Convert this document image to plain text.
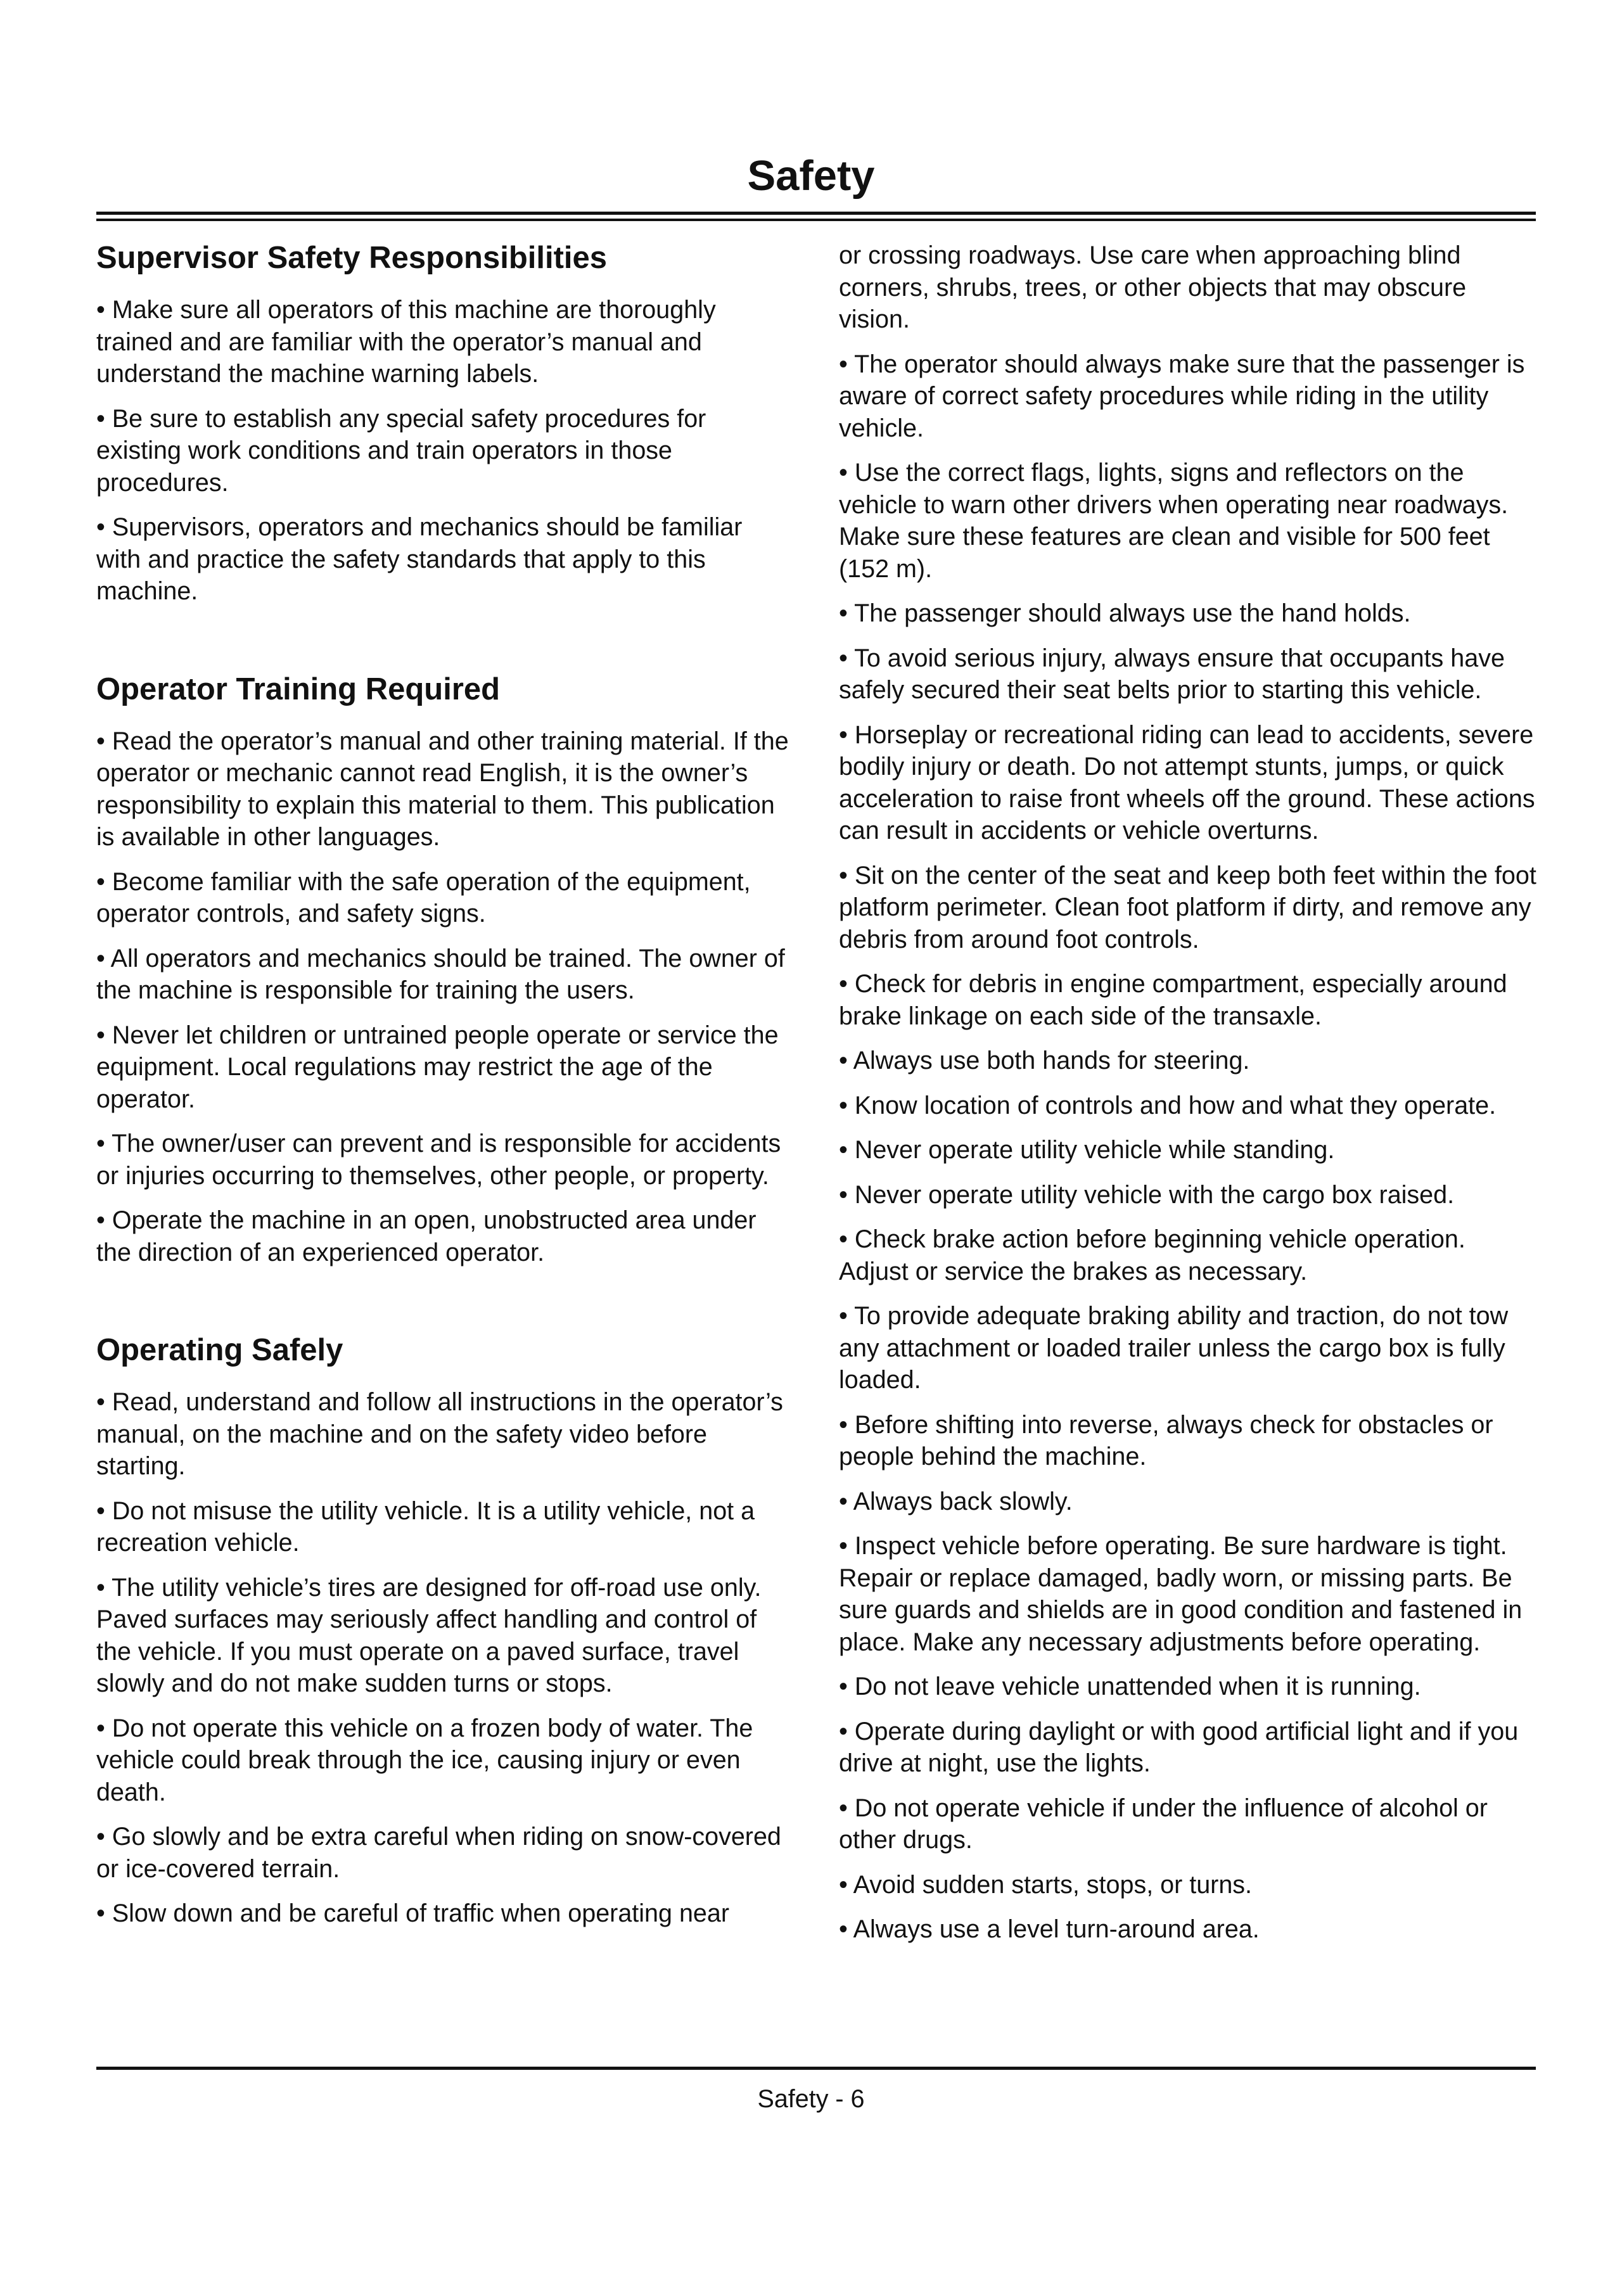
Safety
Supervisor Safety Responsibilities

• Make sure all operators of this machine are thoroughly trained and are familiar with the operator’s manual and understand the machine warning labels.

• Be sure to establish any special safety procedures for existing work conditions and train operators in those procedures.

• Supervisors, operators and mechanics should be familiar with and practice the safety standards that apply to this machine.

Operator Training Required

• Read the operator’s manual and other training material. If the operator or mechanic cannot read English, it is the owner’s responsibility to explain this material to them. This publication is available in other languages.

• Become familiar with the safe operation of the equipment, operator controls, and safety signs.

• All operators and mechanics should be trained. The owner of the machine is responsible for training the users.

• Never let children or untrained people operate or service the equipment. Local regulations may restrict the age of the operator.

• The owner/user can prevent and is responsible for accidents or injuries occurring to themselves, other people, or property.

• Operate the machine in an open, unobstructed area under the direction of an experienced operator.

Operating Safely

• Read, understand and follow all instructions in the operator’s manual, on the machine and on the safety video before starting.

• Do not misuse the utility vehicle. It is a utility vehicle, not a recreation vehicle.

• The utility vehicle’s tires are designed for off-road use only. Paved surfaces may seriously affect handling and control of the vehicle. If you must operate on a paved surface, travel slowly and do not make sudden turns or stops.

• Do not operate this vehicle on a frozen body of water. The vehicle could break through the ice, causing injury or even death.

• Go slowly and be extra careful when riding on snow-covered or ice-covered terrain.

• Slow down and be careful of traffic when operating near

or crossing roadways. Use care when approaching blind corners, shrubs, trees, or other objects that may obscure vision.

• The operator should always make sure that the passenger is aware of correct safety procedures while riding in the utility vehicle.

• Use the correct flags, lights, signs and reflectors on the vehicle to warn other drivers when operating near roadways. Make sure these features are clean and visible for 500 feet (152 m).

• The passenger should always use the hand holds.

• To avoid serious injury, always ensure that occupants have safely secured their seat belts prior to starting this vehicle.

• Horseplay or recreational riding can lead to accidents, severe bodily injury or death. Do not attempt stunts, jumps, or quick acceleration to raise front wheels off the ground. These actions can result in accidents or vehicle overturns.

• Sit on the center of the seat and keep both feet within the foot platform perimeter. Clean foot platform if dirty, and remove any debris from around foot controls.

• Check for debris in engine compartment, especially around brake linkage on each side of the transaxle.

• Always use both hands for steering.

• Know location of controls and how and what they operate.

• Never operate utility vehicle while standing.

• Never operate utility vehicle with the cargo box raised.

• Check brake action before beginning vehicle operation. Adjust or service the brakes as necessary.

• To provide adequate braking ability and traction, do not tow any attachment or loaded trailer unless the cargo box is fully loaded.

• Before shifting into reverse, always check for obstacles or people behind the machine.

• Always back slowly.

• Inspect vehicle before operating. Be sure hardware is tight. Repair or replace damaged, badly worn, or missing parts. Be sure guards and shields are in good condition and fastened in place. Make any necessary adjustments before operating.

• Do not leave vehicle unattended when it is running.

• Operate during daylight or with good artificial light and if you drive at night, use the lights.

• Do not operate vehicle if under the influence of alcohol or other drugs.

• Avoid sudden starts, stops, or turns.

• Always use a level turn-around area.

Safety - 6
